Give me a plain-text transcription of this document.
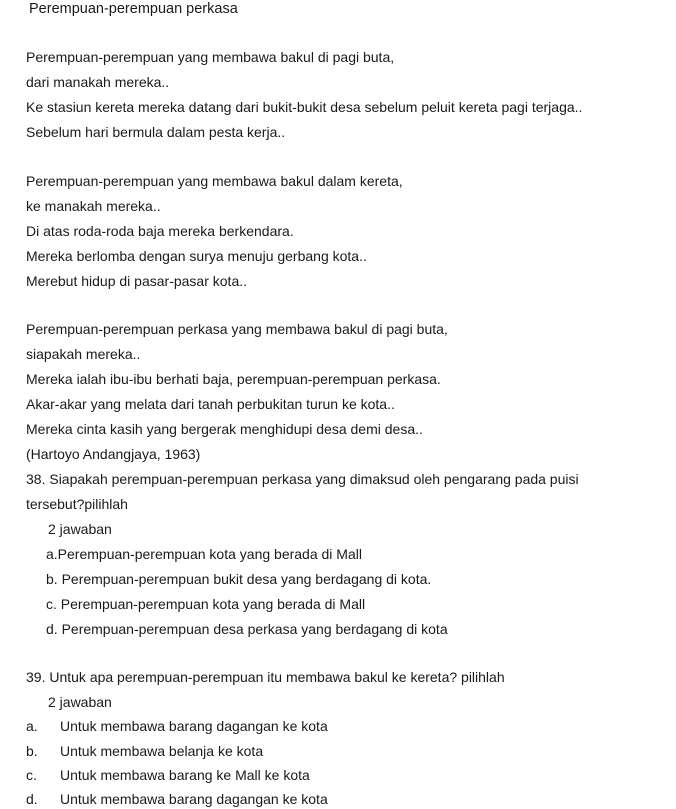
Perempuan-perempuan perkasa
Perempuan-perempuan yang membawa bakul di pagi buta,
dari manakah mereka..
Ke stasiun kereta mereka datang dari bukit-bukit desa sebelum peluit kereta pagi terjaga..
Sebelum hari bermula dalam pesta kerja..
Perempuan-perempuan yang membawa bakul dalam kereta,
ke manakah mereka..
Di atas roda-roda baja mereka berkendara.
Mereka berlomba dengan surya menuju gerbang kota..
Merebut hidup di pasar-pasar kota..
Perempuan-perempuan perkasa yang membawa bakul di pagi buta,
siapakah mereka..
Mereka ialah ibu-ibu berhati baja, perempuan-perempuan perkasa.
Akar-akar yang melata dari tanah perbukitan turun ke kota..
Mereka cinta kasih yang bergerak menghidupi desa demi desa..
(Hartoyo Andangjaya, 1963)
38. Siapakah perempuan-perempuan perkasa yang dimaksud oleh pengarang pada puisi
tersebut?pilihlah
2 jawaban
a.Perempuan-perempuan kota yang berada di Mall
b. Perempuan-perempuan bukit desa yang berdagang di kota.
c. Perempuan-perempuan kota yang berada di Mall
d. Perempuan-perempuan desa perkasa yang berdagang di kota
39. Untuk apa perempuan-perempuan itu membawa bakul ke kereta? pilihlah
2 jawaban
a. Untuk membawa barang dagangan ke kota
b. Untuk membawa belanja ke kota
c. Untuk membawa barang ke Mall ke kota
d. Untuk membawa barang dagangan ke kota
